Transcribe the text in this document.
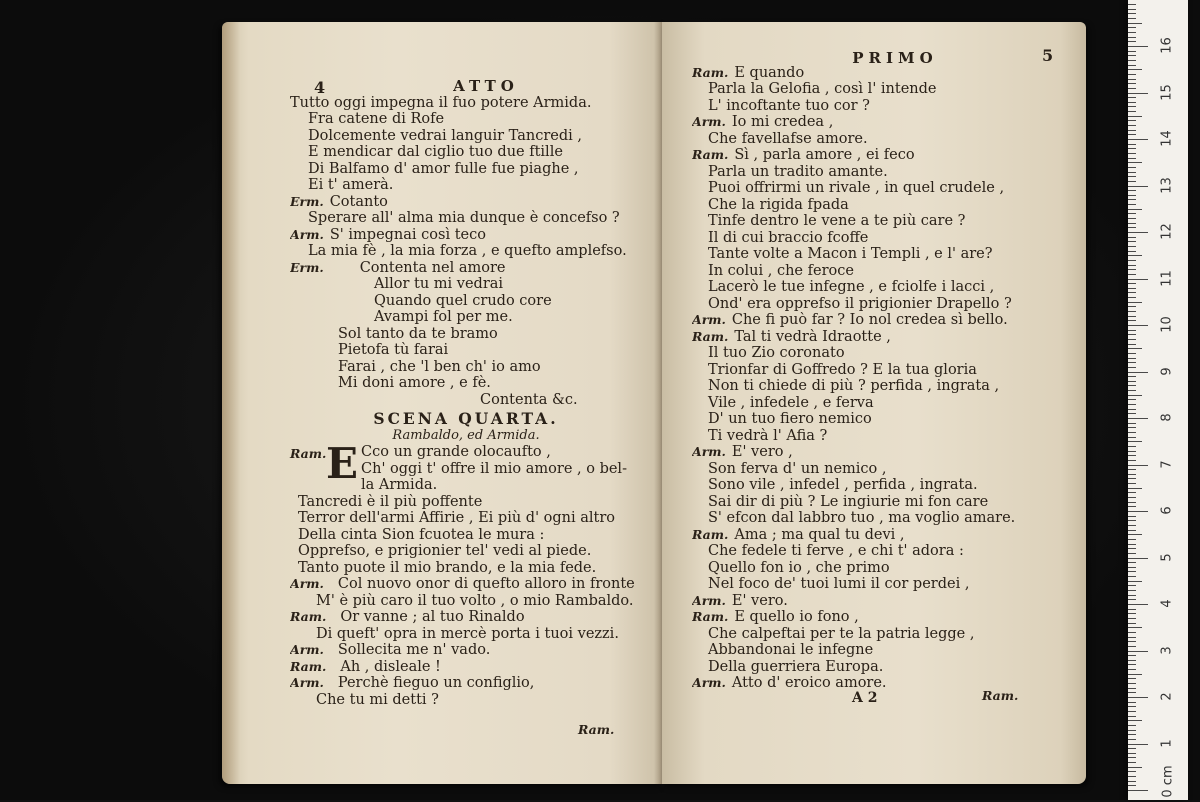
4	ATTO
Tutto oggi impegna il fuo potere Armida.
Fra catene di Rofe
Dolcemente vedrai languir Tancredi ,
E mendicar dal ciglio tuo due ftille
Di Balfamo d' amor fulle fue piaghe ,
Ei t' amerà.
Erm. Cotanto
Sperare all' alma mia dunque è concefso ?
Arm. S' impegnai così teco
La mia fè , la mia forza , e quefto amplefso.
Erm. Contenta nel amore
Allor tu mi vedrai
Quando quel crudo core
Avampi fol per me.
Sol tanto da te bramo
Pietofa tù farai
Farai , che 'l ben ch' io amo
Mi doni amore , e fè.
Contenta &c.
SCENA QUARTA.
Rambaldo, ed Armida.
Ram. E Cco un grande olocaufto ,
Ch' oggi t' offre il mio amore , o bel-
la Armida.
Tancredi è il più poffente
Terror dell'armi Affirie , Ei più d' ogni altro
Della cinta Sion fcuotea le mura :
Opprefso, e prigionier tel' vedi al piede.
Tanto puote il mio brando, e la mia fede.
Arm. Col nuovo onor di quefto alloro in fronte
M' è più caro il tuo volto , o mio Rambaldo.
Ram. Or vanne ; al tuo Rinaldo
Di queft' opra in mercè porta i tuoi vezzi.
Arm. Sollecita me n' vado.
Ram. Ah , disleale !
Arm. Perchè fieguo un configlio,
Che tu mi detti ?
Ram.
PRIMO	5
Ram. E quando
Parla la Gelofia , così l' intende
L' incoftante tuo cor ?
Arm. Io mi credea ,
Che favellafse amore.
Ram. Sì , parla amore , ei feco
Parla un tradito amante.
Puoi offrirmi un rivale , in quel crudele ,
Che la rigida fpada
Tinfe dentro le vene a te più care ?
Il di cui braccio fcoffe
Tante volte a Macon i Templi , e l' are?
In colui , che feroce
Lacerò le tue infegne , e fciolfe i lacci ,
Ond' era opprefso il prigionier Drapello ?
Arm. Che fi può far ? Io nol credea sì bello.
Ram. Tal ti vedrà Idraotte ,
Il tuo Zio coronato
Trionfar di Goffredo ? E la tua gloria
Non ti chiede di più ? perfida , ingrata ,
Vile , infedele , e ferva
D' un tuo fiero nemico
Ti vedrà l' Afia ?
Arm. E' vero ,
Son ferva d' un nemico ,
Sono vile , infedel , perfida , ingrata.
Sai dir di più ? Le ingiurie mi fon care
S' efcon dal labbro tuo , ma voglio amare.
Ram. Ama ; ma qual tu devi ,
Che fedele ti ferve , e chi t' adora :
Quello fon io , che primo
Nel foco de' tuoi lumi il cor perdei ,
Arm. E' vero.
Ram. E quello io fono ,
Che calpeftai per te la patria legge ,
Abbandonai le infegne
Della guerriera Europa.
Arm. Atto d' eroico amore.
A 2	Ram.
0 cm
1
2
3
4
5
6
7
8
9
10
11
12
13
14
15
16
